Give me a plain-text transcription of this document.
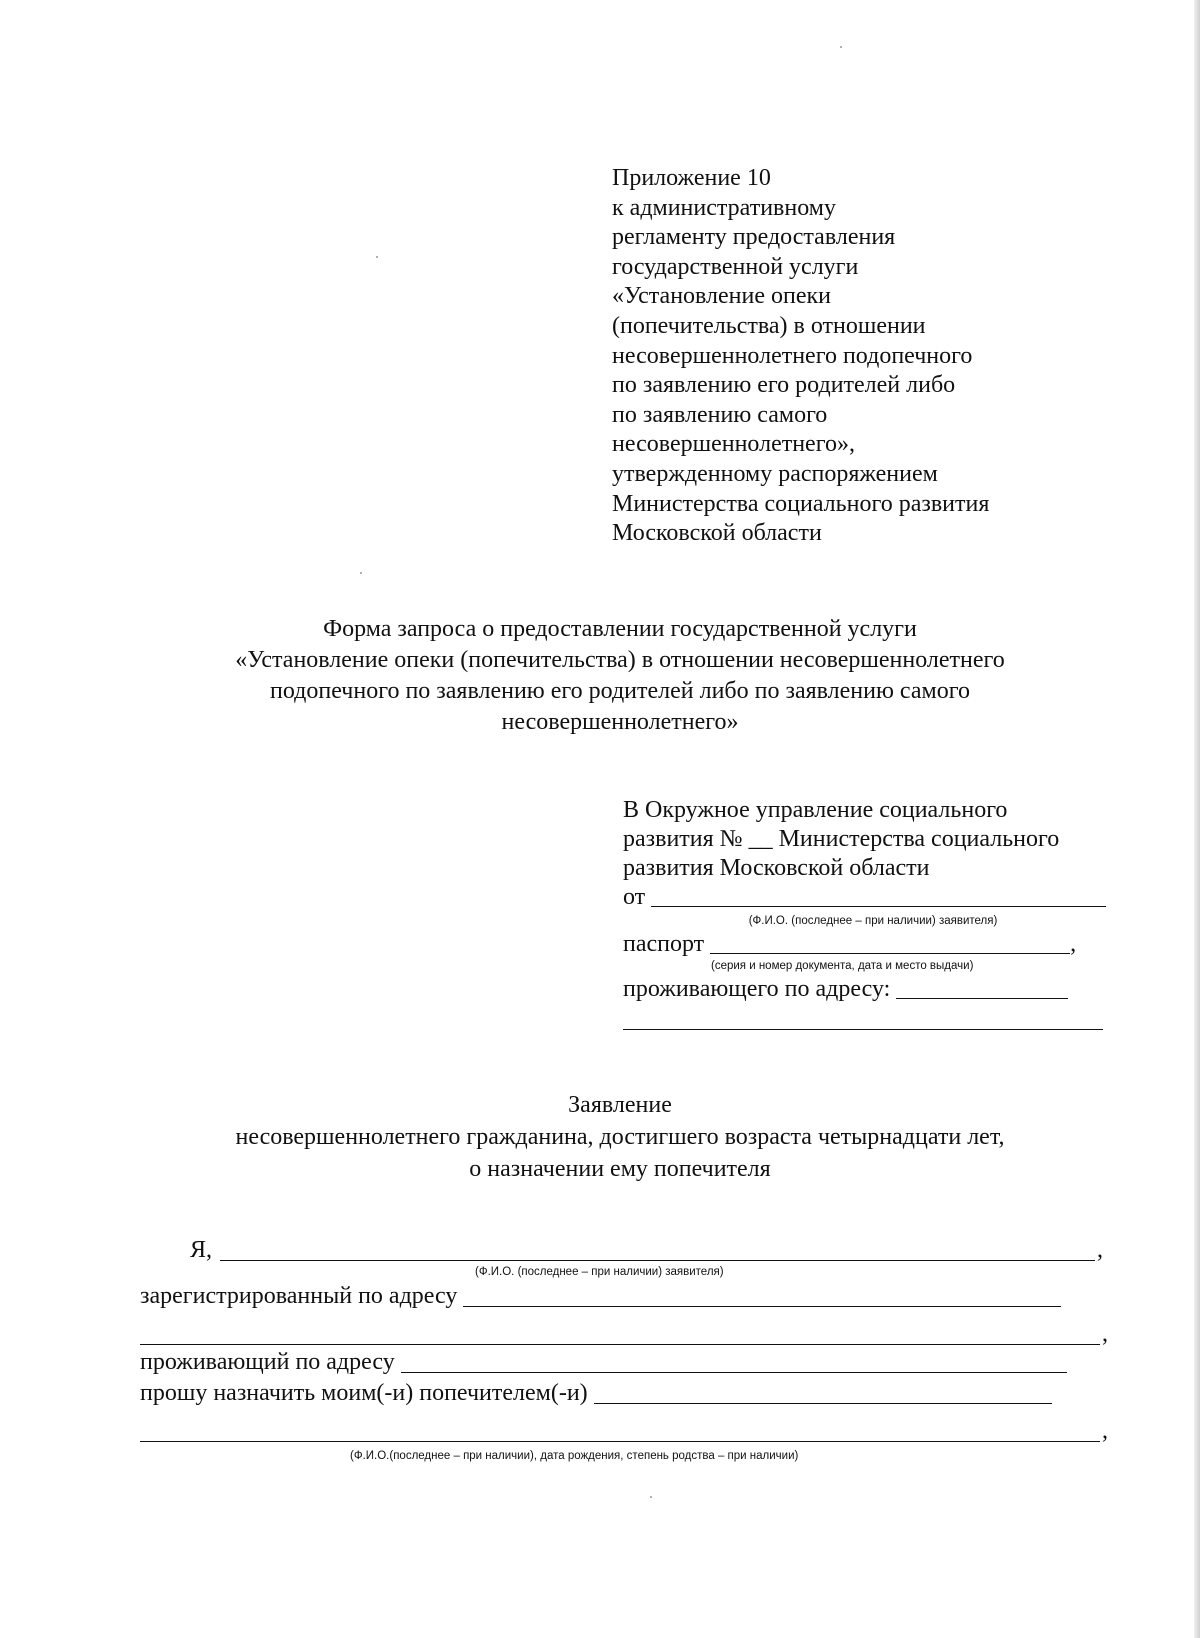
Приложение 10
к административному
регламенту предоставления
государственной услуги
«Установление опеки
(попечительства) в отношении
несовершеннолетнего подопечного
по заявлению его родителей либо
по заявлению самого
несовершеннолетнего»,
утвержденному распоряжением
Министерства социального развития
Московской области
Форма запроса о предоставлении государственной услуги
«Установление опеки (попечительства) в отношении несовершеннолетнего
подопечного по заявлению его родителей либо по заявлению самого
несовершеннолетнего»
В Окружное управление социального
развития № __ Министерства социального
развития Московской области
от
(Ф.И.О. (последнее – при наличии) заявителя)
паспорт	,
(серия и номер документа, дата и место выдачи)
проживающего по адресу:
Заявление
несовершеннолетнего гражданина, достигшего возраста четырнадцати лет,
о назначении ему попечителя
Я,	,
(Ф.И.О. (последнее – при наличии) заявителя)
зарегистрированный по адресу
,
проживающий по адресу
прошу назначить моим(-и) попечителем(-и)
,
(Ф.И.О.(последнее – при наличии), дата рождения, степень родства – при наличии)
